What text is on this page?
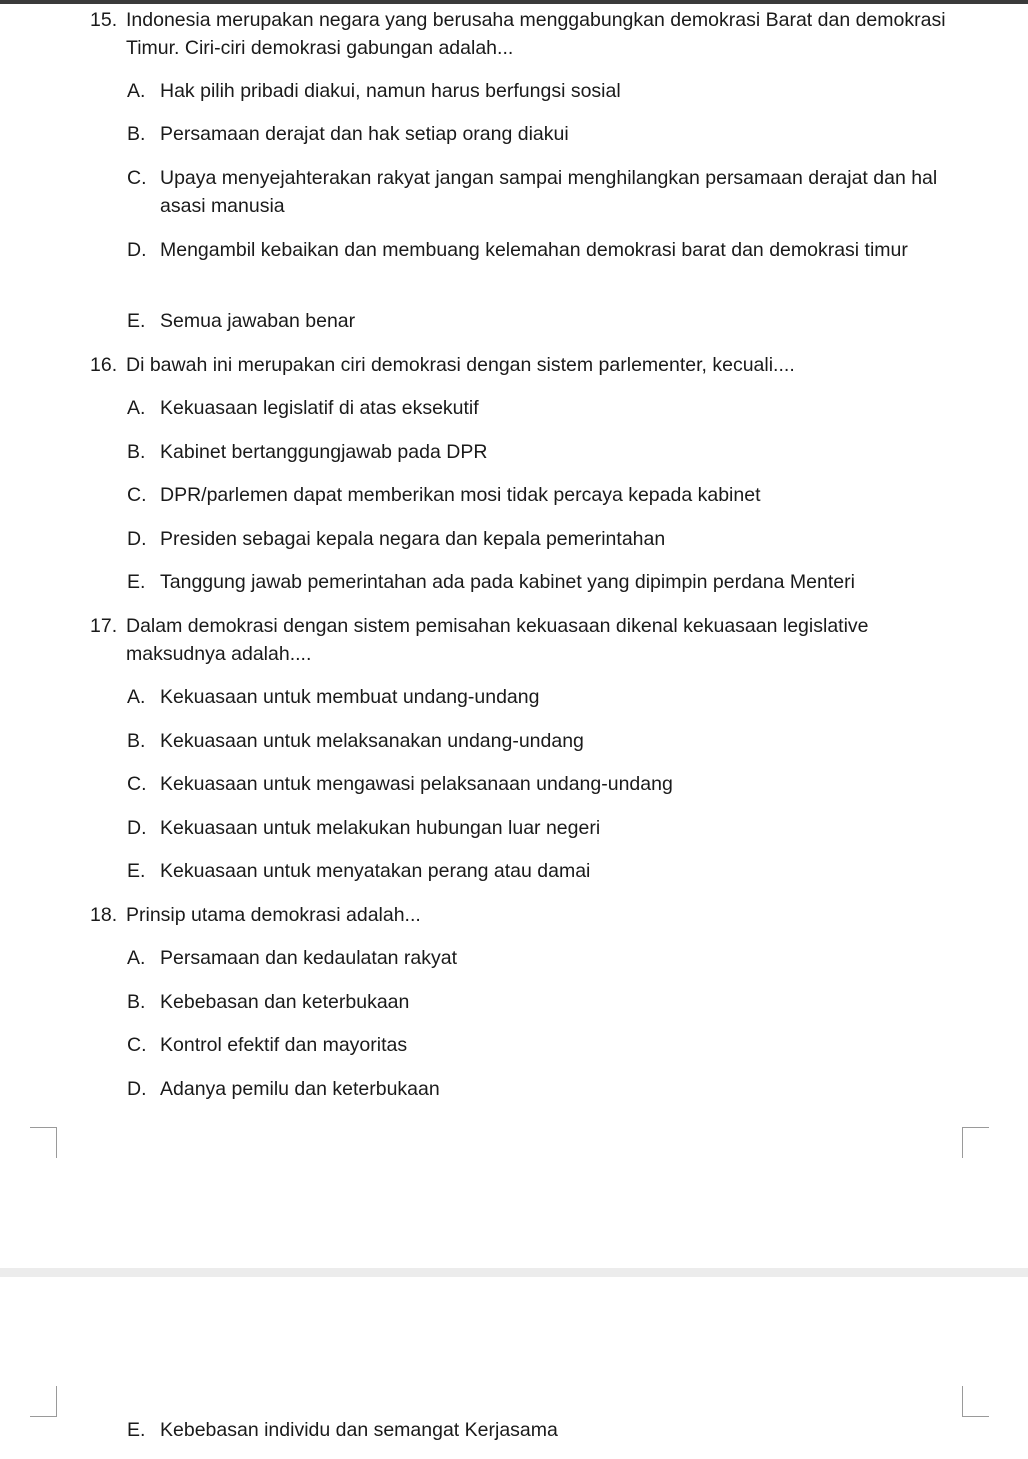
15. Indonesia merupakan negara yang berusaha menggabungkan demokrasi Barat dan demokrasi Timur. Ciri-ciri demokrasi gabungan adalah...
A. Hak pilih pribadi diakui, namun harus berfungsi sosial
B. Persamaan derajat dan hak setiap orang diakui
C. Upaya menyejahterakan rakyat jangan sampai menghilangkan persamaan derajat dan hal asasi manusia
D. Mengambil kebaikan dan membuang kelemahan demokrasi barat dan demokrasi timur
E. Semua jawaban benar
16. Di bawah ini merupakan ciri demokrasi dengan sistem parlementer, kecuali....
A. Kekuasaan legislatif di atas eksekutif
B. Kabinet bertanggungjawab pada DPR
C. DPR/parlemen dapat memberikan mosi tidak percaya kepada kabinet
D. Presiden sebagai kepala negara dan kepala pemerintahan
E. Tanggung jawab pemerintahan ada pada kabinet yang dipimpin perdana Menteri
17. Dalam demokrasi dengan sistem pemisahan kekuasaan dikenal kekuasaan legislative maksudnya adalah....
A. Kekuasaan untuk membuat undang-undang
B. Kekuasaan untuk melaksanakan undang-undang
C. Kekuasaan untuk mengawasi pelaksanaan undang-undang
D. Kekuasaan untuk melakukan hubungan luar negeri
E. Kekuasaan untuk menyatakan perang atau damai
18. Prinsip utama demokrasi adalah...
A. Persamaan dan kedaulatan rakyat
B. Kebebasan dan keterbukaan
C. Kontrol efektif dan mayoritas
D. Adanya pemilu dan keterbukaan
E. Kebebasan individu dan semangat Kerjasama
